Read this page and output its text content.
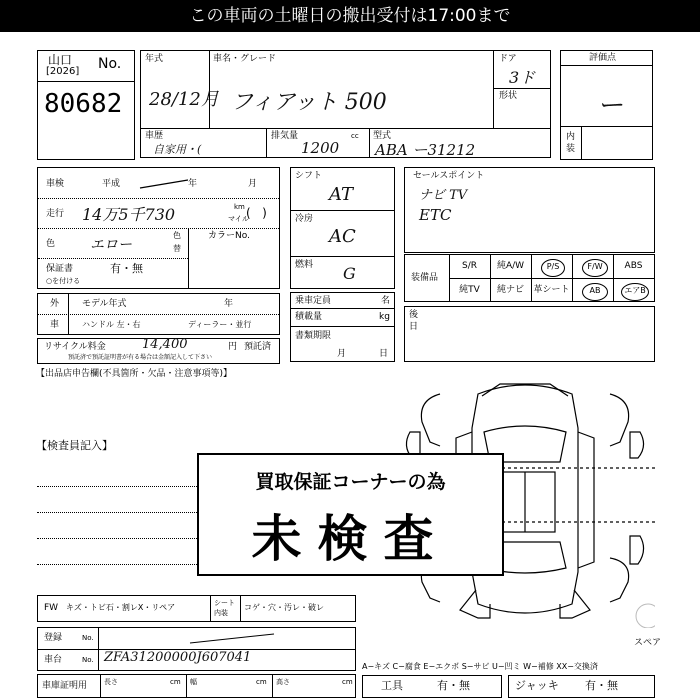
この車両の土曜日の搬出受付は17:00まで
山口
[2026] No.
80682
年式
28/12月
車名・グレード
フィアット 500
ドア
3ド
形状
車歴
自家用・(
排気量	cc
1200
型式
ABA ー31212
評価点
ー
内装
車検	平成	年	月
走行 14万5千730	km
マイル
(   )
色 エロー
色
替
カラーNo.
保証書	有・無
○を付ける
シフト
AT
冷房
AC
燃料 G
セールスポイント
ナビ TV
ETC
装備品
S/R	純A/W	P/S	F/W	ABS
純TV	純ナビ	革シート	AB	エアB
外
車
モデル年式	年
ハンドル 左・右	ディーラー・並行
乗車定員	名
積載量	kg
書類期限
月	日
後
日
リサイクル料金	14,400	円 預託済
預託済で預託証明書が有る場合は金額記入して下さい
【出品店申告欄(不具箇所・欠品・注意事項等)】
【検査員記入】
スペア
買取保証コーナーの為
未検査
FW キズ・トビ石・割レX・リペア	シート
内装
コゲ・穴・汚レ・破レ
登録	No.
車台	No. ZFA31200000J607041
車庫証明用 長さ	cm 幅	cm 高さ	cm
A−キズ C−腐食 E−エクボ S−サビ U−凹ミ W−補修 XX−交換済
工具	有・無	ジャッキ 有・無
